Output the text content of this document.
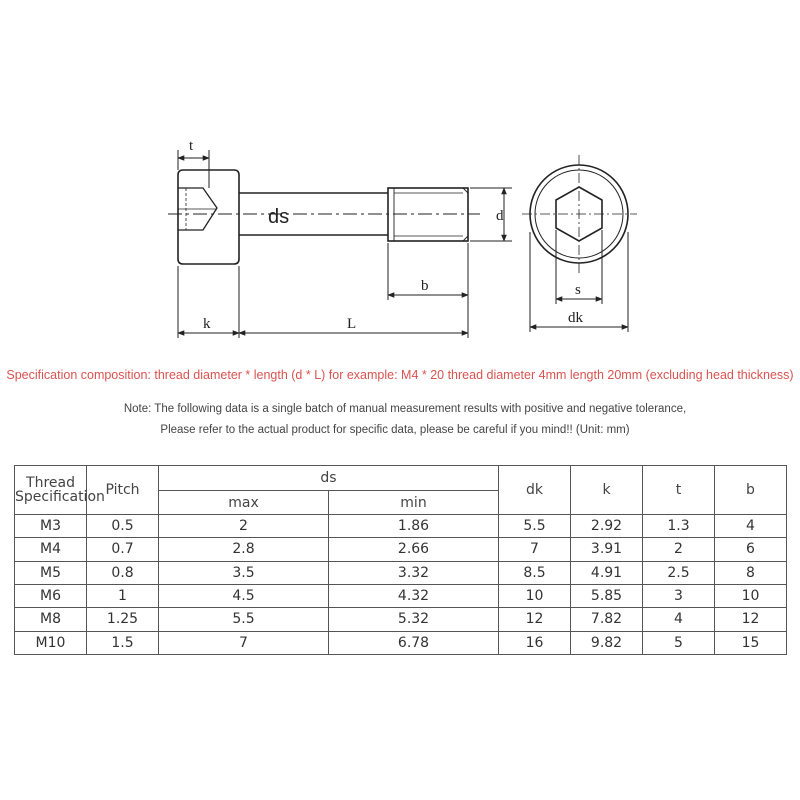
t
ds	d
b
k	L
s
dk
Specification composition: thread diameter * length (d * L) for example: M4 * 20 thread diameter 4mm length 20mm (excluding head thickness)
Note: The following data is a single batch of manual measurement results with positive and negative tolerance,
Please refer to the actual product for specific data, please be careful if you mind!! (Unit: mm)
Thread
Specification	Pitch	ds		dk	k	t	b
		max	min				
M3	0.5	2	1.86	5.5	2.92	1.3	4
M4	0.7	2.8	2.66	7	3.91	2	6
M5	0.8	3.5	3.32	8.5	4.91	2.5	8
M6	1	4.5	4.32	10	5.85	3	10
M8	1.25	5.5	5.32	12	7.82	4	12
M10	1.5	7	6.78	16	9.82	5	15
